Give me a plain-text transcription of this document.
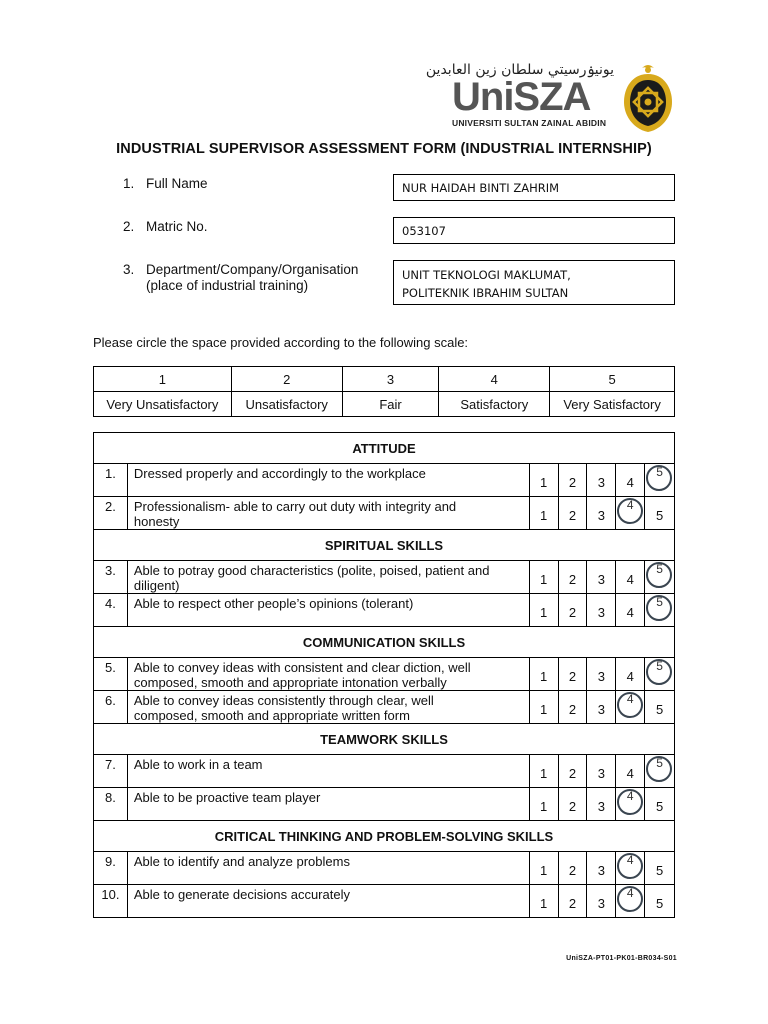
يونيۏرسيتي سلطان زين العابدين
UniSZA
UNIVERSITI SULTAN ZAINAL ABIDIN
INDUSTRIAL SUPERVISOR ASSESSMENT FORM (INDUSTRIAL INTERNSHIP)
1. Full Name	NUR HAIDAH BINTI ZAHRIM
2. Matric No.	053107
3. Department/Company/Organisation
(place of industrial training)
UNIT TEKNOLOGI MAKLUMAT,
POLITEKNIK IBRAHIM SULTAN
Please circle the space provided according to the following scale:
1	2	3	4	5
Very Unsatisfactory	Unsatisfactory	Fair	Satisfactory	Very Satisfactory
ATTITUDE						
1.	Dressed properly and accordingly to the workplace	1	2	3	4	5

2.	Professionalism- able to carry out duty with integrity and
honesty	1	2	3	4	5
SPIRITUAL SKILLS						
3.	Able to potray good characteristics (polite, poised, patient and
diligent)	1	2	3	4	5

4.	Able to respect other people’s opinions (tolerant)	1	2	3	4	5

COMMUNICATION SKILLS						
5.	Able to convey ideas with consistent and clear diction, well
composed, smooth and appropriate intonation verbally	1	2	3	4	5

6.	Able to convey ideas consistently through clear, well
composed, smooth and appropriate written form	1	2	3	4	5
TEAMWORK SKILLS						
7.	Able to work in a team	1	2	3	4	5

8.	Able to be proactive team player	1	2	3	4	5
CRITICAL THINKING AND PROBLEM-SOLVING SKILLS						
9.	Able to identify and analyze problems	1	2	3	4	5
10.	Able to generate decisions accurately	1	2	3	4	5
UniSZA-PT01-PK01-BR034-S01
